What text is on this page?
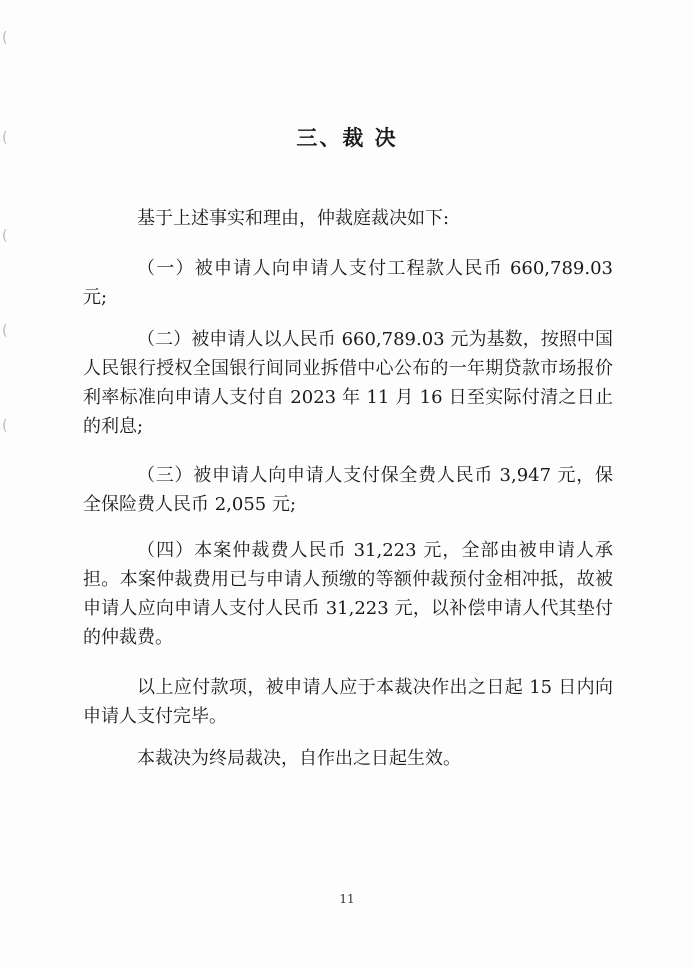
(
(
(
(
(
三、裁 决

基于上述事实和理由，仲裁庭裁决如下:

（一）被申请人向申请人支付工程款人民币 660,789.03 元;

（二）被申请人以人民币 660,789.03 元为基数，按照中国人民银行授权全国银行间同业拆借中心公布的一年期贷款市场报价利率标准向申请人支付自 2023 年 11 月 16 日至实际付清之日止的利息;

（三）被申请人向申请人支付保全费人民币 3,947 元，保全保险费人民币 2,055 元;

（四）本案仲裁费人民币 31,223 元，全部由被申请人承担。本案仲裁费用已与申请人预缴的等额仲裁预付金相冲抵，故被申请人应向申请人支付人民币 31,223 元，以补偿申请人代其垫付的仲裁费。

以上应付款项，被申请人应于本裁决作出之日起 15 日内向申请人支付完毕。

本裁决为终局裁决，自作出之日起生效。

11
